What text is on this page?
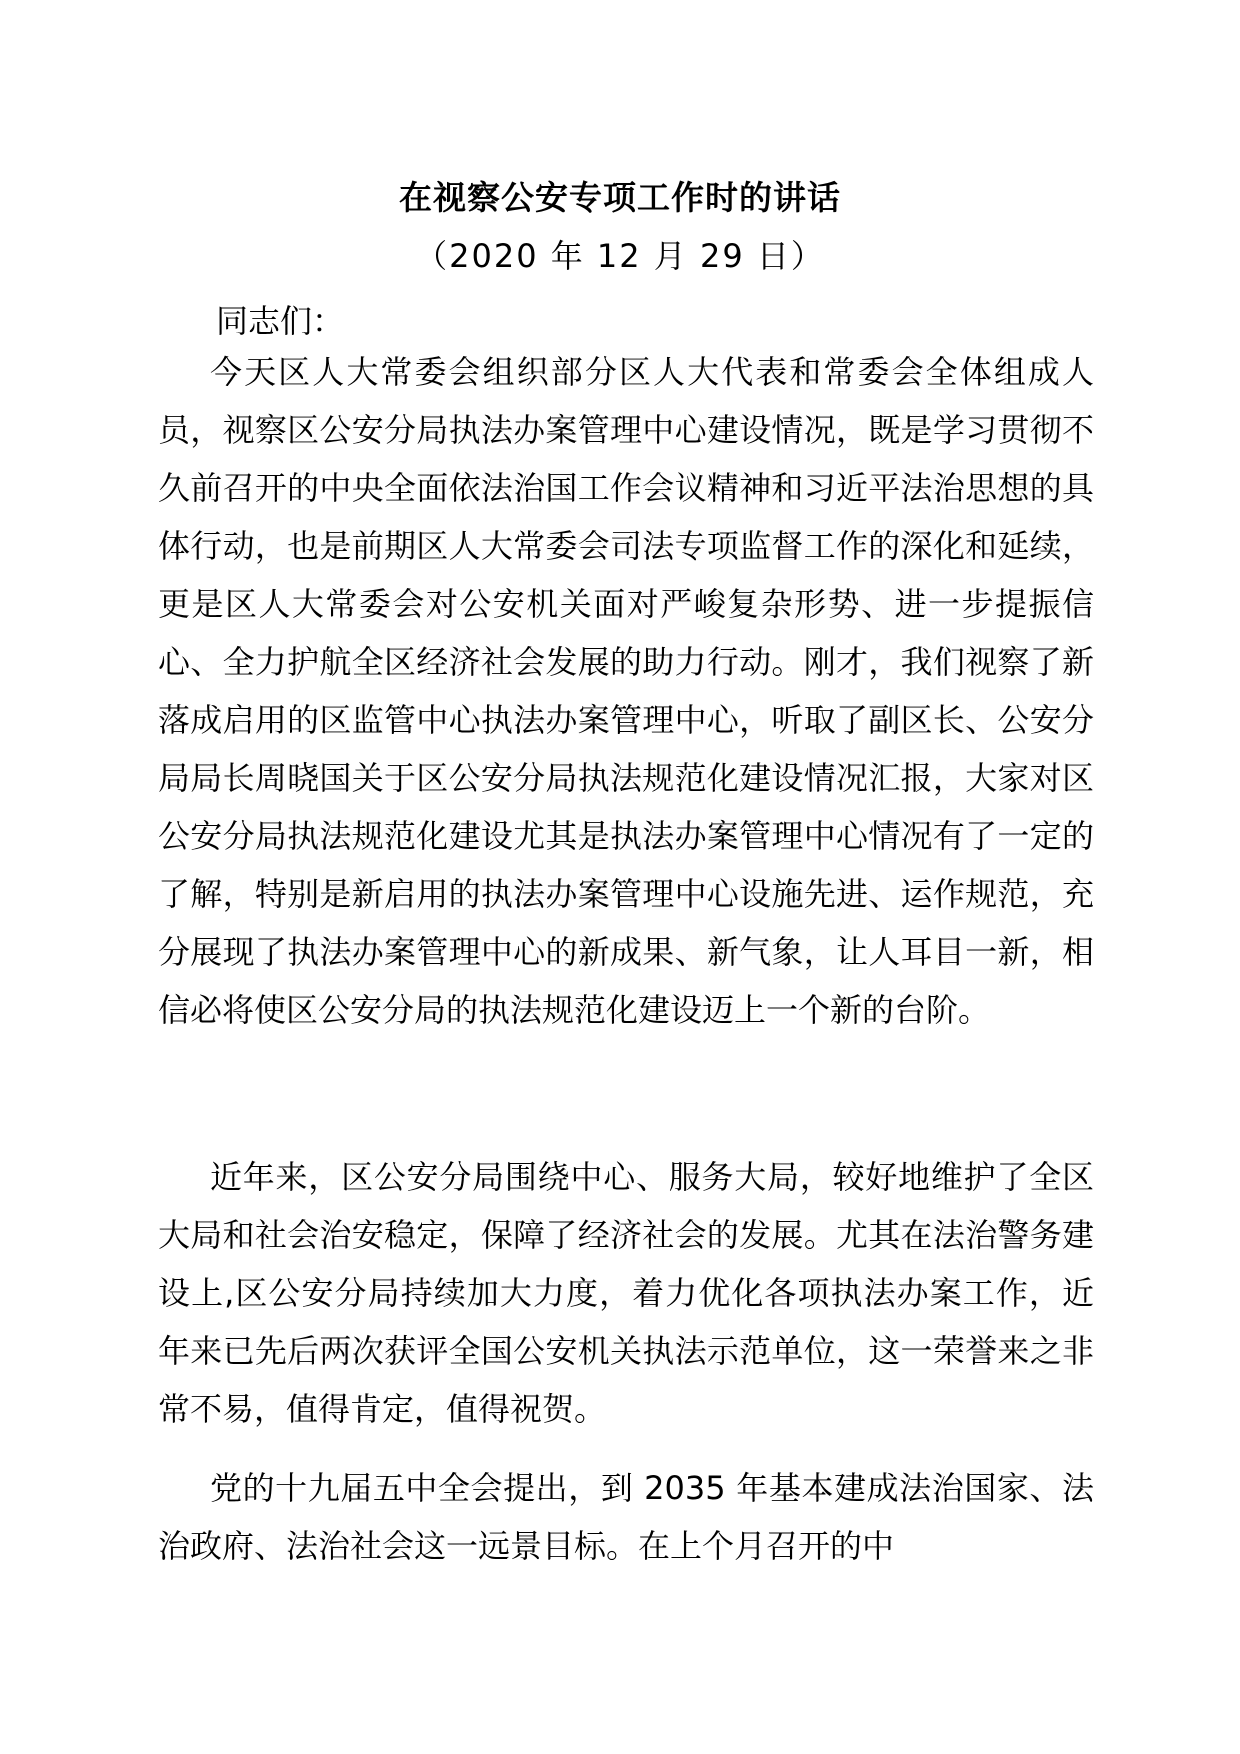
在视察公安专项工作时的讲话
（2020 年 12 月 29 日）
同志们：

今天区人大常委会组织部分区人大代表和常委会全体组成人员，视察区公安分局执法办案管理中心建设情况，既是学习贯彻不久前召开的中央全面依法治国工作会议精神和习近平法治思想的具体行动，也是前期区人大常委会司法专项监督工作的深化和延续，更是区人大常委会对公安机关面对严峻复杂形势、进一步提振信心、全力护航全区经济社会发展的助力行动。刚才，我们视察了新落成启用的区监管中心执法办案管理中心，听取了副区长、公安分局局长周晓国关于区公安分局执法规范化建设情况汇报，大家对区公安分局执法规范化建设尤其是执法办案管理中心情况有了一定的了解，特别是新启用的执法办案管理中心设施先进、运作规范，充分展现了执法办案管理中心的新成果、新气象，让人耳目一新，相信必将使区公安分局的执法规范化建设迈上一个新的台阶。

近年来，区公安分局围绕中心、服务大局，较好地维护了全区大局和社会治安稳定，保障了经济社会的发展。尤其在法治警务建设上,区公安分局持续加大力度，着力优化各项执法办案工作，近年来已先后两次获评全国公安机关执法示范单位，这一荣誉来之非常不易，值得肯定，值得祝贺。

党的十九届五中全会提出，到 2035 年基本建成法治国家、法治政府、法治社会这一远景目标。在上个月召开的中
